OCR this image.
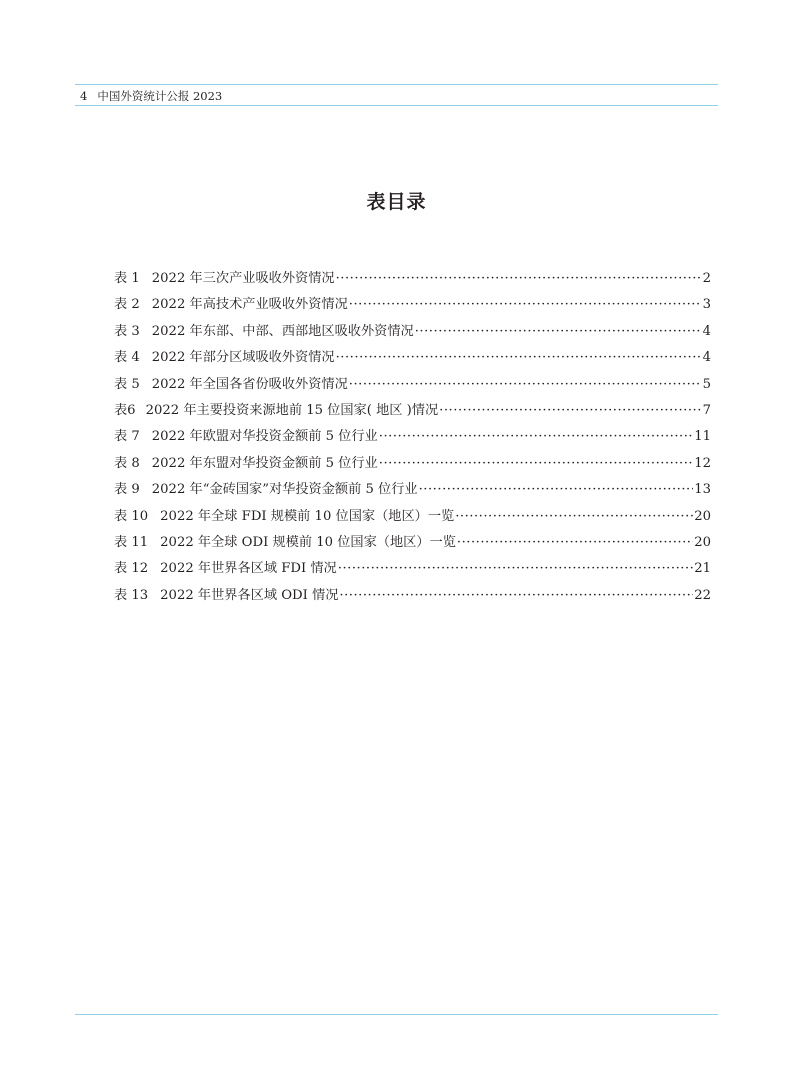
4 中国外资统计公报 2023
表目录
表 1 2022 年三次产业吸收外资情况 ·····	2
表 2 2022 年高技术产业吸收外资情况 ·····	3
表 3 2022 年东部、中部、西部地区吸收外资情况 ·····	4
表 4 2022 年部分区域吸收外资情况 ·····	4
表 5 2022 年全国各省份吸收外资情况 ·····	5
表6 2022 年主要投资来源地前 15 位国家( 地区 )情况 ·····	7
表 7 2022 年欧盟对华投资金额前 5 位行业 ·····	11
表 8 2022 年东盟对华投资金额前 5 位行业 ·····	12
表 9 2022 年“金砖国家”对华投资金额前 5 位行业 ·····	13
表 10 2022 年全球 FDI 规模前 10 位国家（地区）一览 ·····	20
表 11 2022 年全球 ODI 规模前 10 位国家（地区）一览 ·····	20
表 12 2022 年世界各区域 FDI 情况 ·····	21
表 13 2022 年世界各区域 ODI 情况 ·····	22
